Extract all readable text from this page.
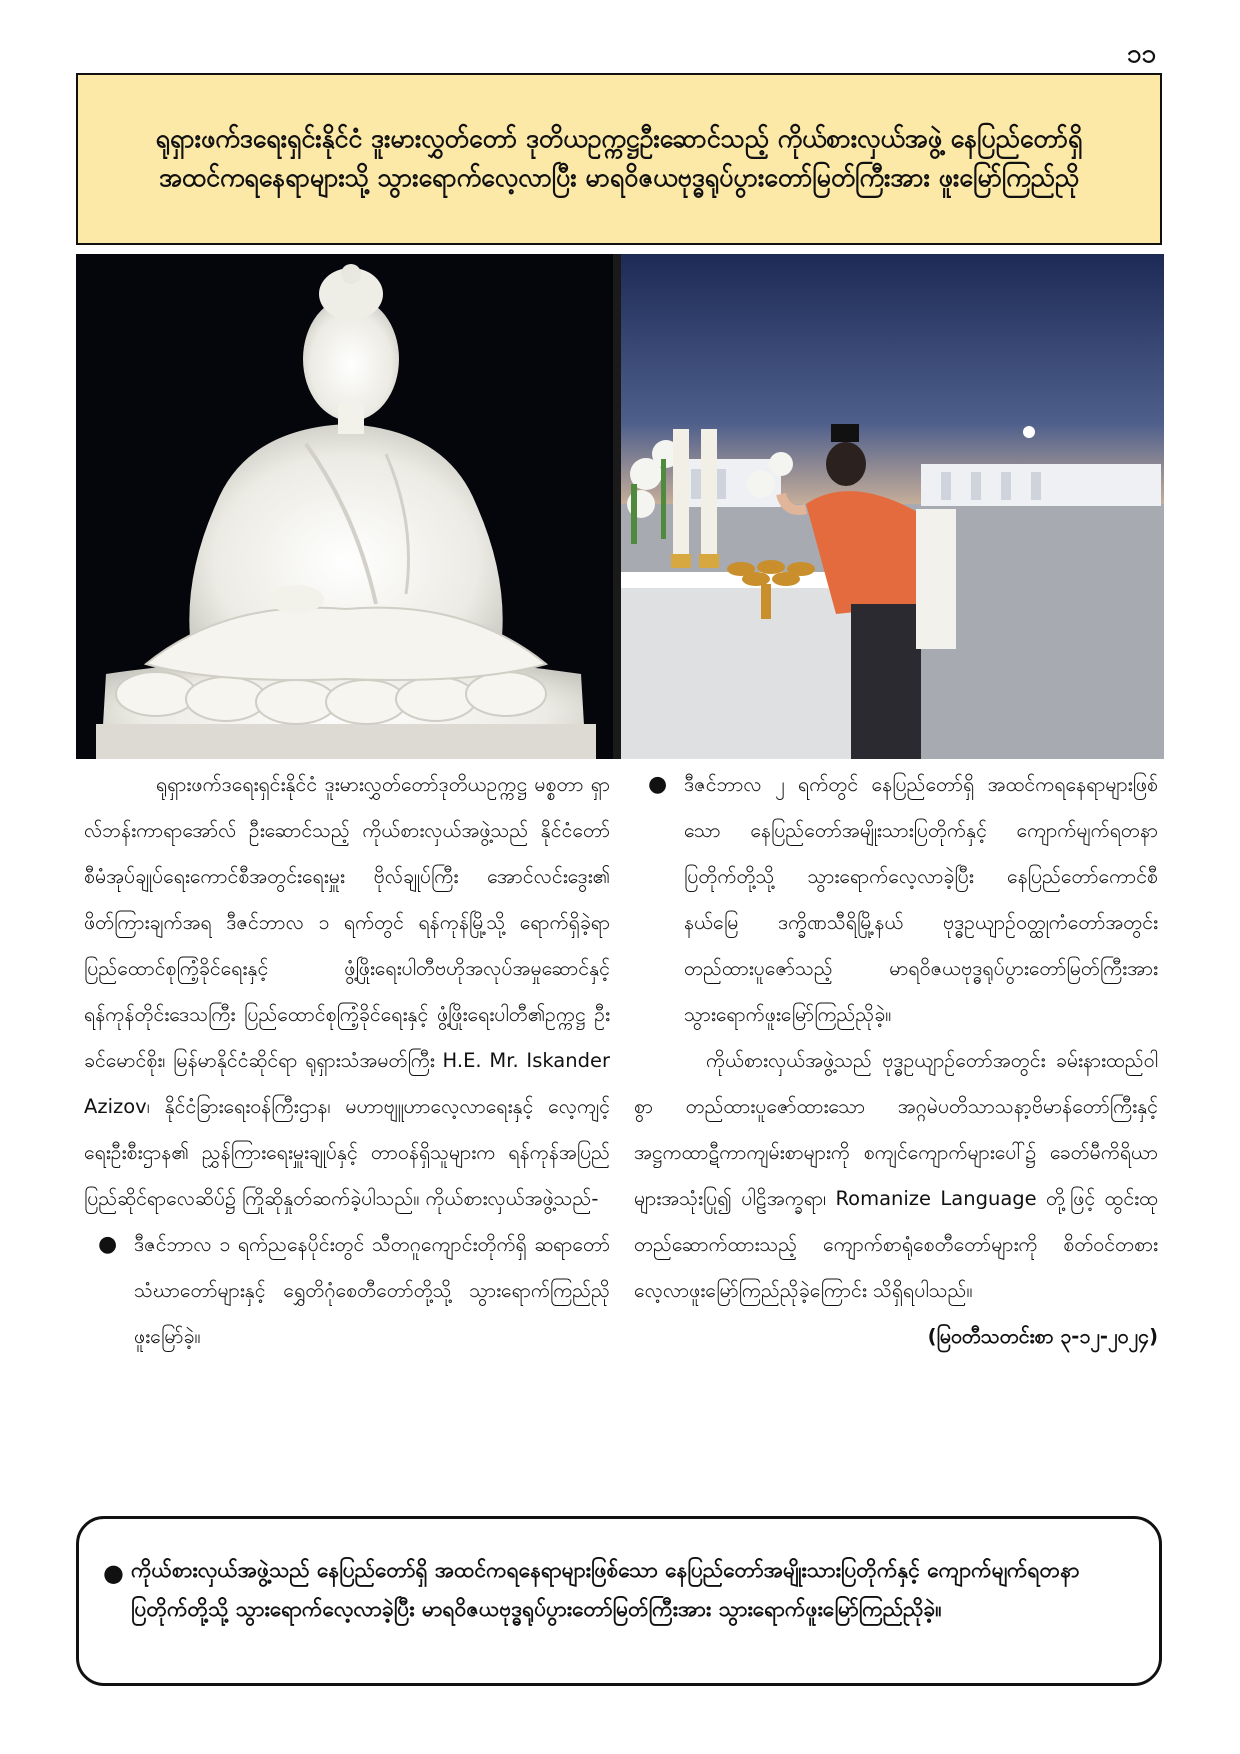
၁၁
ရုရှားဖက်ဒရေးရှင်းနိုင်ငံ ဒူးမားလွှတ်တော် ဒုတိယဥက္ကဋ္ဌဦးဆောင်သည့် ကိုယ်စားလှယ်အဖွဲ့ နေပြည်တော်ရှိ အထင်ကရနေရာများသို့ သွားရောက်လေ့လာပြီး မာရဝိဇယဗုဒ္ဓရုပ်ပွားတော်မြတ်ကြီးအား ဖူးမြော်ကြည်ညို

ရုရှားဖက်ဒရေးရှင်းနိုင်ငံ ဒူးမားလွှတ်တော်ဒုတိယဥက္ကဋ္ဌ မစ္စတာ ရှာလ်ဘန်းကာရာအော်လ် ဦးဆောင်သည့် ကိုယ်စားလှယ်အဖွဲ့သည် နိုင်ငံတော်စီမံအုပ်ချုပ်ရေးကောင်စီအတွင်းရေးမှူး ဗိုလ်ချုပ်ကြီး အောင်လင်းဒွေး၏ ဖိတ်ကြားချက်အရ ဒီဇင်ဘာလ ၁ ရက်တွင် ရန်ကုန်မြို့သို့ ရောက်ရှိခဲ့ရာ ပြည်ထောင်စုကြံ့ခိုင်ရေးနှင့် ဖွံ့ဖြိုးရေးပါတီဗဟိုအလုပ်အမှုဆောင်နှင့် ရန်ကုန်တိုင်းဒေသကြီး ပြည်ထောင်စုကြံ့ခိုင်ရေးနှင့် ဖွံ့ဖြိုးရေးပါတီ၏ဥက္ကဋ္ဌ ဦးခင်မောင်စိုး၊ မြန်မာနိုင်ငံဆိုင်ရာ ရုရှားသံအမတ်ကြီး H.E. Mr. Iskander Azizov၊ နိုင်ငံခြားရေးဝန်ကြီးဌာန၊ မဟာဗျူဟာလေ့လာရေးနှင့် လေ့ကျင့်ရေးဦးစီးဌာန၏ ညွှန်ကြားရေးမှူးချုပ်နှင့် တာဝန်ရှိသူများက ရန်ကုန်အပြည်ပြည်ဆိုင်ရာလေဆိပ်၌ ကြိုဆိုနှုတ်ဆက်ခဲ့ပါသည်။ ကိုယ်စားလှယ်အဖွဲ့သည်-

● ဒီဇင်ဘာလ ၁ ရက်ညနေပိုင်းတွင် သီတဂူကျောင်းတိုက်ရှိ ဆရာတော်သံဃာတော်များနှင့် ရွှေတိဂုံစေတီတော်တို့သို့ သွားရောက်ကြည်ညိုဖူးမြော်ခဲ့။
● ဒီဇင်ဘာလ ၂ ရက်တွင် နေပြည်တော်ရှိ အထင်ကရနေရာများဖြစ်သော နေပြည်တော်အမျိုးသားပြတိုက်နှင့် ကျောက်မျက်ရတနာပြတိုက်တို့သို့ သွားရောက်လေ့လာခဲ့ပြီး နေပြည်တော်ကောင်စီနယ်မြေ ဒက္ခိဏသီရိမြို့နယ် ဗုဒ္ဓဥယျာဉ်ဝတ္ထုကံတော်အတွင်း တည်ထားပူဇော်သည့် မာရဝိဇယဗုဒ္ဓရုပ်ပွားတော်မြတ်ကြီးအား သွားရောက်ဖူးမြော်ကြည်ညိုခဲ့။

ကိုယ်စားလှယ်အဖွဲ့သည် ဗုဒ္ဓဥယျာဉ်တော်အတွင်း ခမ်းနားထည်ဝါစွာ တည်ထားပူဇော်ထားသော အဂ္ဂမဲပတိသာသနာ့ဗိမာန်တော်ကြီးနှင့် အဋ္ဌကထာဋီကာကျမ်းစာများကို စကျင်ကျောက်များပေါ်၌ ခေတ်မီကိရိယာများအသုံးပြု၍ ပါဠိအက္ခရာ၊ Romanize Language တို့ဖြင့် ထွင်းထုတည်ဆောက်ထားသည့် ကျောက်စာရုံစေတီတော်များကို စိတ်ဝင်တစား လေ့လာဖူးမြော်ကြည်ညိုခဲ့ကြောင်း သိရှိရပါသည်။

(မြဝတီသတင်းစာ ၃-၁၂-၂၀၂၄)

● ကိုယ်စားလှယ်အဖွဲ့သည် နေပြည်တော်ရှိ အထင်ကရနေရာများဖြစ်သော နေပြည်တော်အမျိုးသားပြတိုက်နှင့် ကျောက်မျက်ရတနာပြတိုက်တို့သို့ သွားရောက်လေ့လာခဲ့ပြီး မာရဝိဇယဗုဒ္ဓရုပ်ပွားတော်မြတ်ကြီးအား သွားရောက်ဖူးမြော်ကြည်ညိုခဲ့။
